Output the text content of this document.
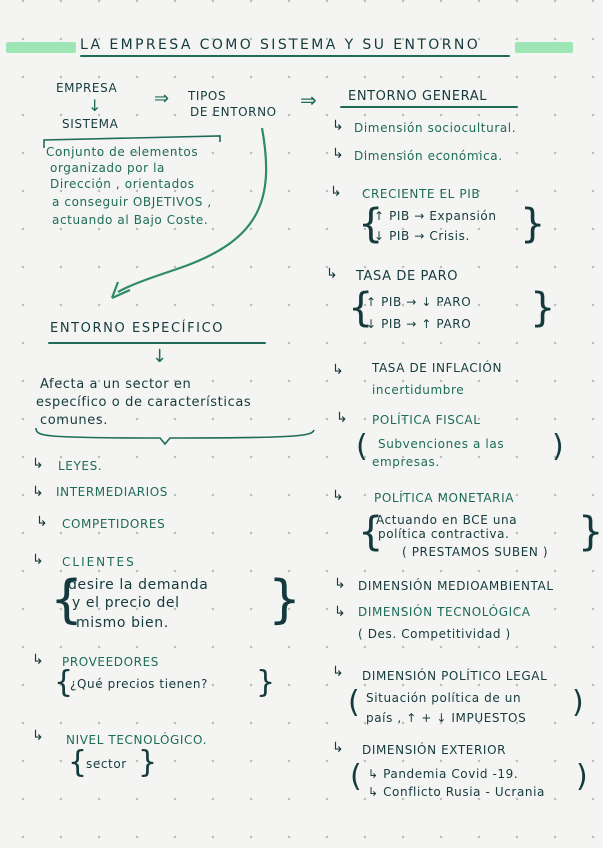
LA EMPRESA COMO SISTEMA Y SU ENTORNO
EMPRESA
↓
SISTEMA
⇒ TIPOS
DE ENTORNO ⇒
Conjunto de elementos
organizado por la
Dirección , orientados
a conseguir OBJETIVOS ,
actuando al Bajo Coste.
ENTORNO ESPECÍFICO
↓
Afecta a un sector en
específico o de características
comunes.
↳ LEYES.
↳ INTERMEDIARIOS
↳ COMPETIDORES
↳ CLIENTES
{
desire la demanda
y el precio del
mismo bien. }
↳ PROVEEDORES
{
¿Qué precios tienen? }
↳ NIVEL TECNOLÓGICO.
{
sector }
ENTORNO GENERAL
↳ Dimensión sociocultural.
↳ Dimensión económica.
↳ CRECIENTE EL PIB
{
↑ PIB → Expansión
↓ PIB → Crisis. }
↳ TASA DE PARO
{
↑ PIB → ↓ PARO
↓ PIB → ↑ PARO }
↳ TASA DE INFLACIÓN
incertidumbre
↳ POLÍTICA FISCAL
( Subvenciones a las
empresas.	)
↳	POLÍTICA MONETARIA
{
Actuando en BCE una
política contractiva.
( PRESTAMOS SUBEN ) }
↳ DIMENSIÓN MEDIOAMBIENTAL
↳ DIMENSIÓN TECNOLÓGICA
( Des. Competitividad )
↳ DIMENSIÓN POLÍTICO LEGAL
( Situación política de un
país , ↑ + ↓ IMPUESTOS )
↳ DIMENSIÓN EXTERIOR
( ↳ Pandemia Covid -19.
↳ Conflicto Rusia - Ucrania )
